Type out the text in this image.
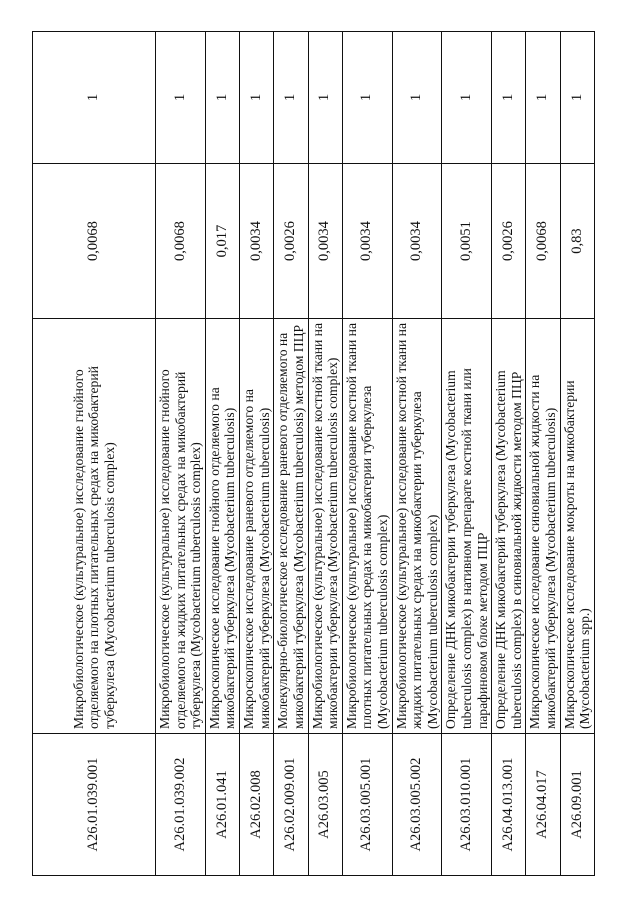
A26.01.039.001	Микробиологическое (культуральное) исследование гнойного отделяемого на плотных питательных средах на микобактерий туберкулеза (Mycobacterium tuberculosis complex)	0,0068	1
A26.01.039.002	Микробиологическое (культуральное) исследование гнойного отделяемого на жидких питательных средах на микобактерий туберкулеза (Mycobacterium tuberculosis complex)	0,0068	1
A26.01.041	Микроскопическое исследование гнойного отделяемого на микобактерий туберкулеза (Mycobacterium tuberculosis)	0,017	1
A26.02.008	Микроскопическое исследование раневого отделяемого на микобактерий туберкулеза (Mycobacterium tuberculosis)	0,0034	1
A26.02.009.001	Молекулярно-биологическое исследование раневого отделяемого на микобактерий туберкулеза (Mycobacterium tuberculosis) методом ПЦР	0,0026	1
A26.03.005	Микробиологическое (культуральное) исследование костной ткани на микобактерии туберкулеза (Mycobacterium tuberculosis complex)	0,0034	1
A26.03.005.001	Микробиологическое (культуральное) исследование костной ткани на плотных питательных средах на микобактерии туберкулеза (Mycobacterium tuberculosis complex)	0,0034	1
A26.03.005.002	Микробиологическое (культуральное) исследование костной ткани на жидких питательных средах на микобактерии туберкулеза (Mycobacterium tuberculosis complex)	0,0034	1
A26.03.010.001	Определение ДНК микобактерии туберкулеза (Mycobacterium tuberculosis complex) в нативном препарате костной ткани или парафиновом блоке методом ПЦР	0,0051	1
A26.04.013.001	Определение ДНК микобактерий туберкулеза (Mycobacterium tuberculosis complex) в синовиальной жидкости методом ПЦР	0,0026	1
A26.04.017	Микроскопическое исследование синовиальной жидкости на микобактерий туберкулеза (Mycobacterium tuberculosis)	0,0068	1
A26.09.001	Микроскопическое исследование мокроты на микобактерии (Mycobacterium spp.)	0,83	1
